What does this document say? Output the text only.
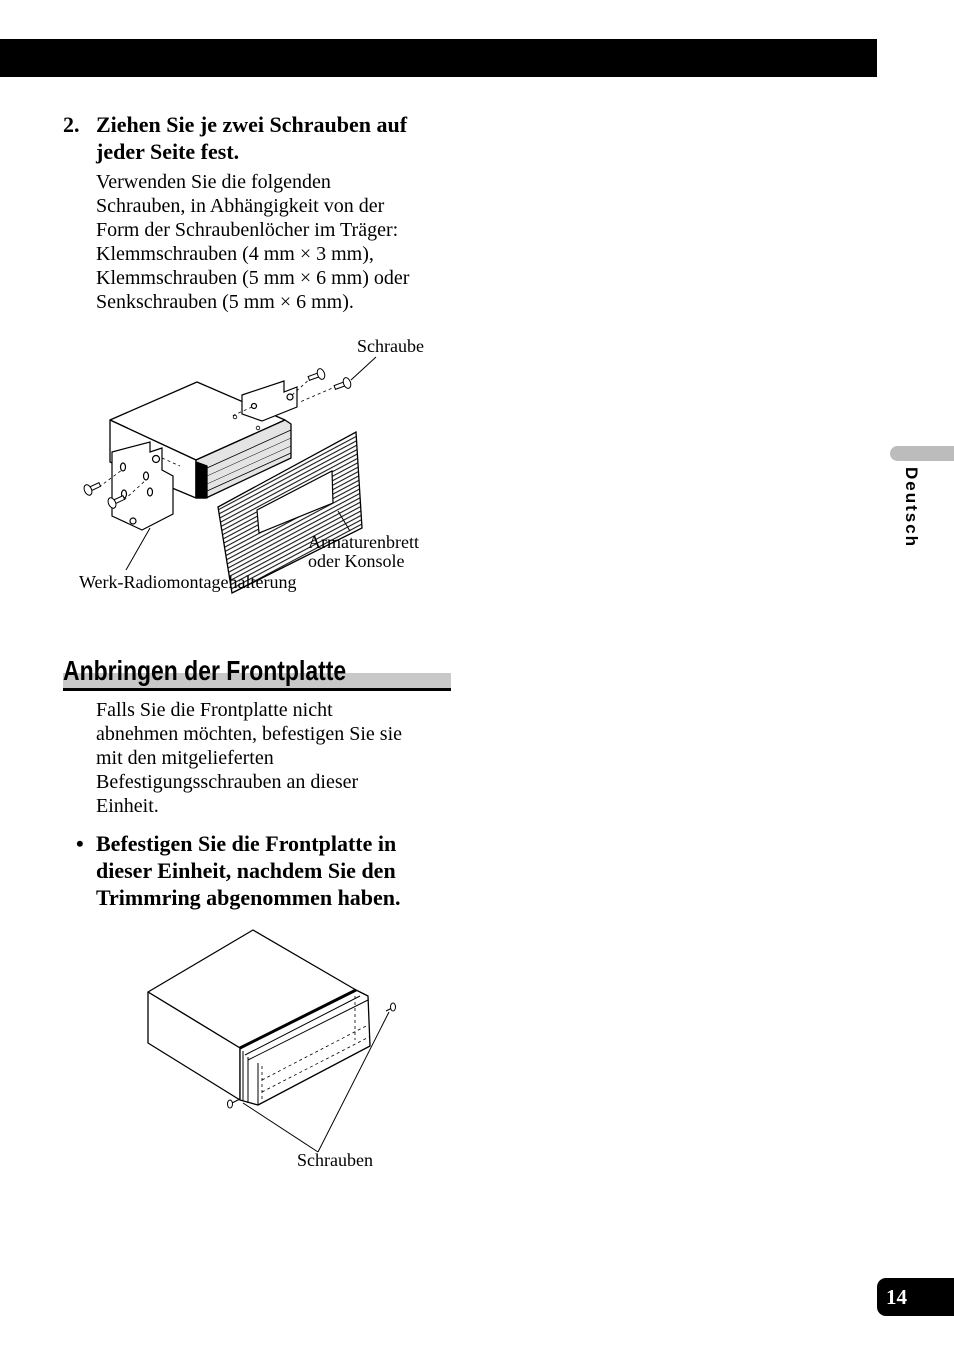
2. Ziehen Sie je zwei Schrauben auf
jeder Seite fest.
Verwenden Sie die folgenden
Schrauben, in Abhängigkeit von der
Form der Schraubenlöcher im Träger:
Klemmschrauben (4 mm × 3 mm),
Klemmschrauben (5 mm × 6 mm) oder
Senkschrauben (5 mm × 6 mm).
Schraube
Armaturenbrett
oder Konsole
Werk-Radiomontagehalterung
Anbringen der Frontplatte
Falls Sie die Frontplatte nicht
abnehmen möchten, befestigen Sie sie
mit den mitgelieferten
Befestigungsschrauben an dieser
Einheit.
• Befestigen Sie die Frontplatte in
dieser Einheit, nachdem Sie den
Trimmring abgenommen haben.
Schrauben
Deutsch
14
